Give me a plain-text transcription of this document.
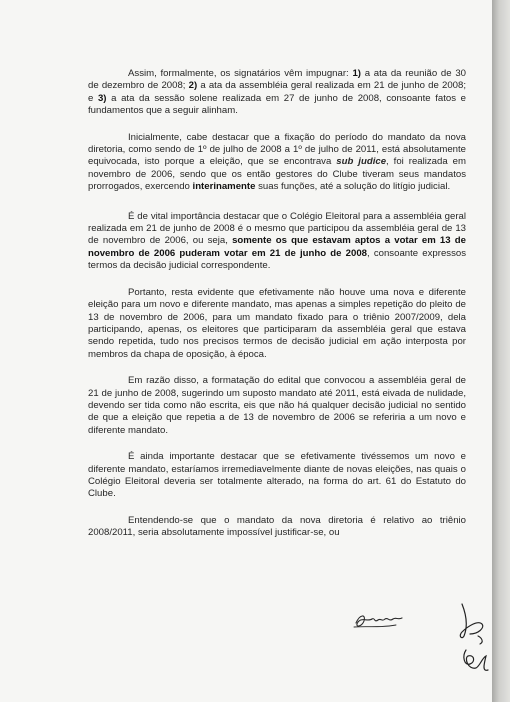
Assim, formalmente, os signatários vêm impugnar: 1) a ata da reunião de 30 de dezembro de 2008; 2) a ata da assembléia geral realizada em 21 de junho de 2008; e 3) a ata da sessão solene realizada em 27 de junho de 2008, consoante fatos e fundamentos que a seguir alinham.

Inicialmente, cabe destacar que a fixação do período do mandato da nova diretoria, como sendo de 1º de julho de 2008 a 1º de julho de 2011, está absolutamente equivocada, isto porque a eleição, que se encontrava sub judice, foi realizada em novembro de 2006, sendo que os então gestores do Clube tiveram seus mandatos prorrogados, exercendo interinamente suas funções, até a solução do litígio judicial.

É de vital importância destacar que o Colégio Eleitoral para a assembléia geral realizada em 21 de junho de 2008 é o mesmo que participou da assembléia geral de 13 de novembro de 2006, ou seja, somente os que estavam aptos a votar em 13 de novembro de 2006 puderam votar em 21 de junho de 2008, consoante expressos termos da decisão judicial correspondente.

Portanto, resta evidente que efetivamente não houve uma nova e diferente eleição para um novo e diferente mandato, mas apenas a simples repetição do pleito de 13 de novembro de 2006, para um mandato fixado para o triênio 2007/2009, dela participando, apenas, os eleitores que participaram da assembléia geral que estava sendo repetida, tudo nos precisos termos de decisão judicial em ação interposta por membros da chapa de oposição, à época.

Em razão disso, a formatação do edital que convocou a assembléia geral de 21 de junho de 2008, sugerindo um suposto mandato até 2011, está eivada de nulidade, devendo ser tida como não escrita, eis que não há qualquer decisão judicial no sentido de que a eleição que repetia a de 13 de novembro de 2006 se referiria a um novo e diferente mandato.

É ainda importante destacar que se efetivamente tivéssemos um novo e diferente mandato, estaríamos irremediavelmente diante de novas eleições, nas quais o Colégio Eleitoral deveria ser totalmente alterado, na forma do art. 61 do Estatuto do Clube.

Entendendo-se que o mandato da nova diretoria é relativo ao triênio 2008/2011, seria absolutamente impossível justificar-se, ou
